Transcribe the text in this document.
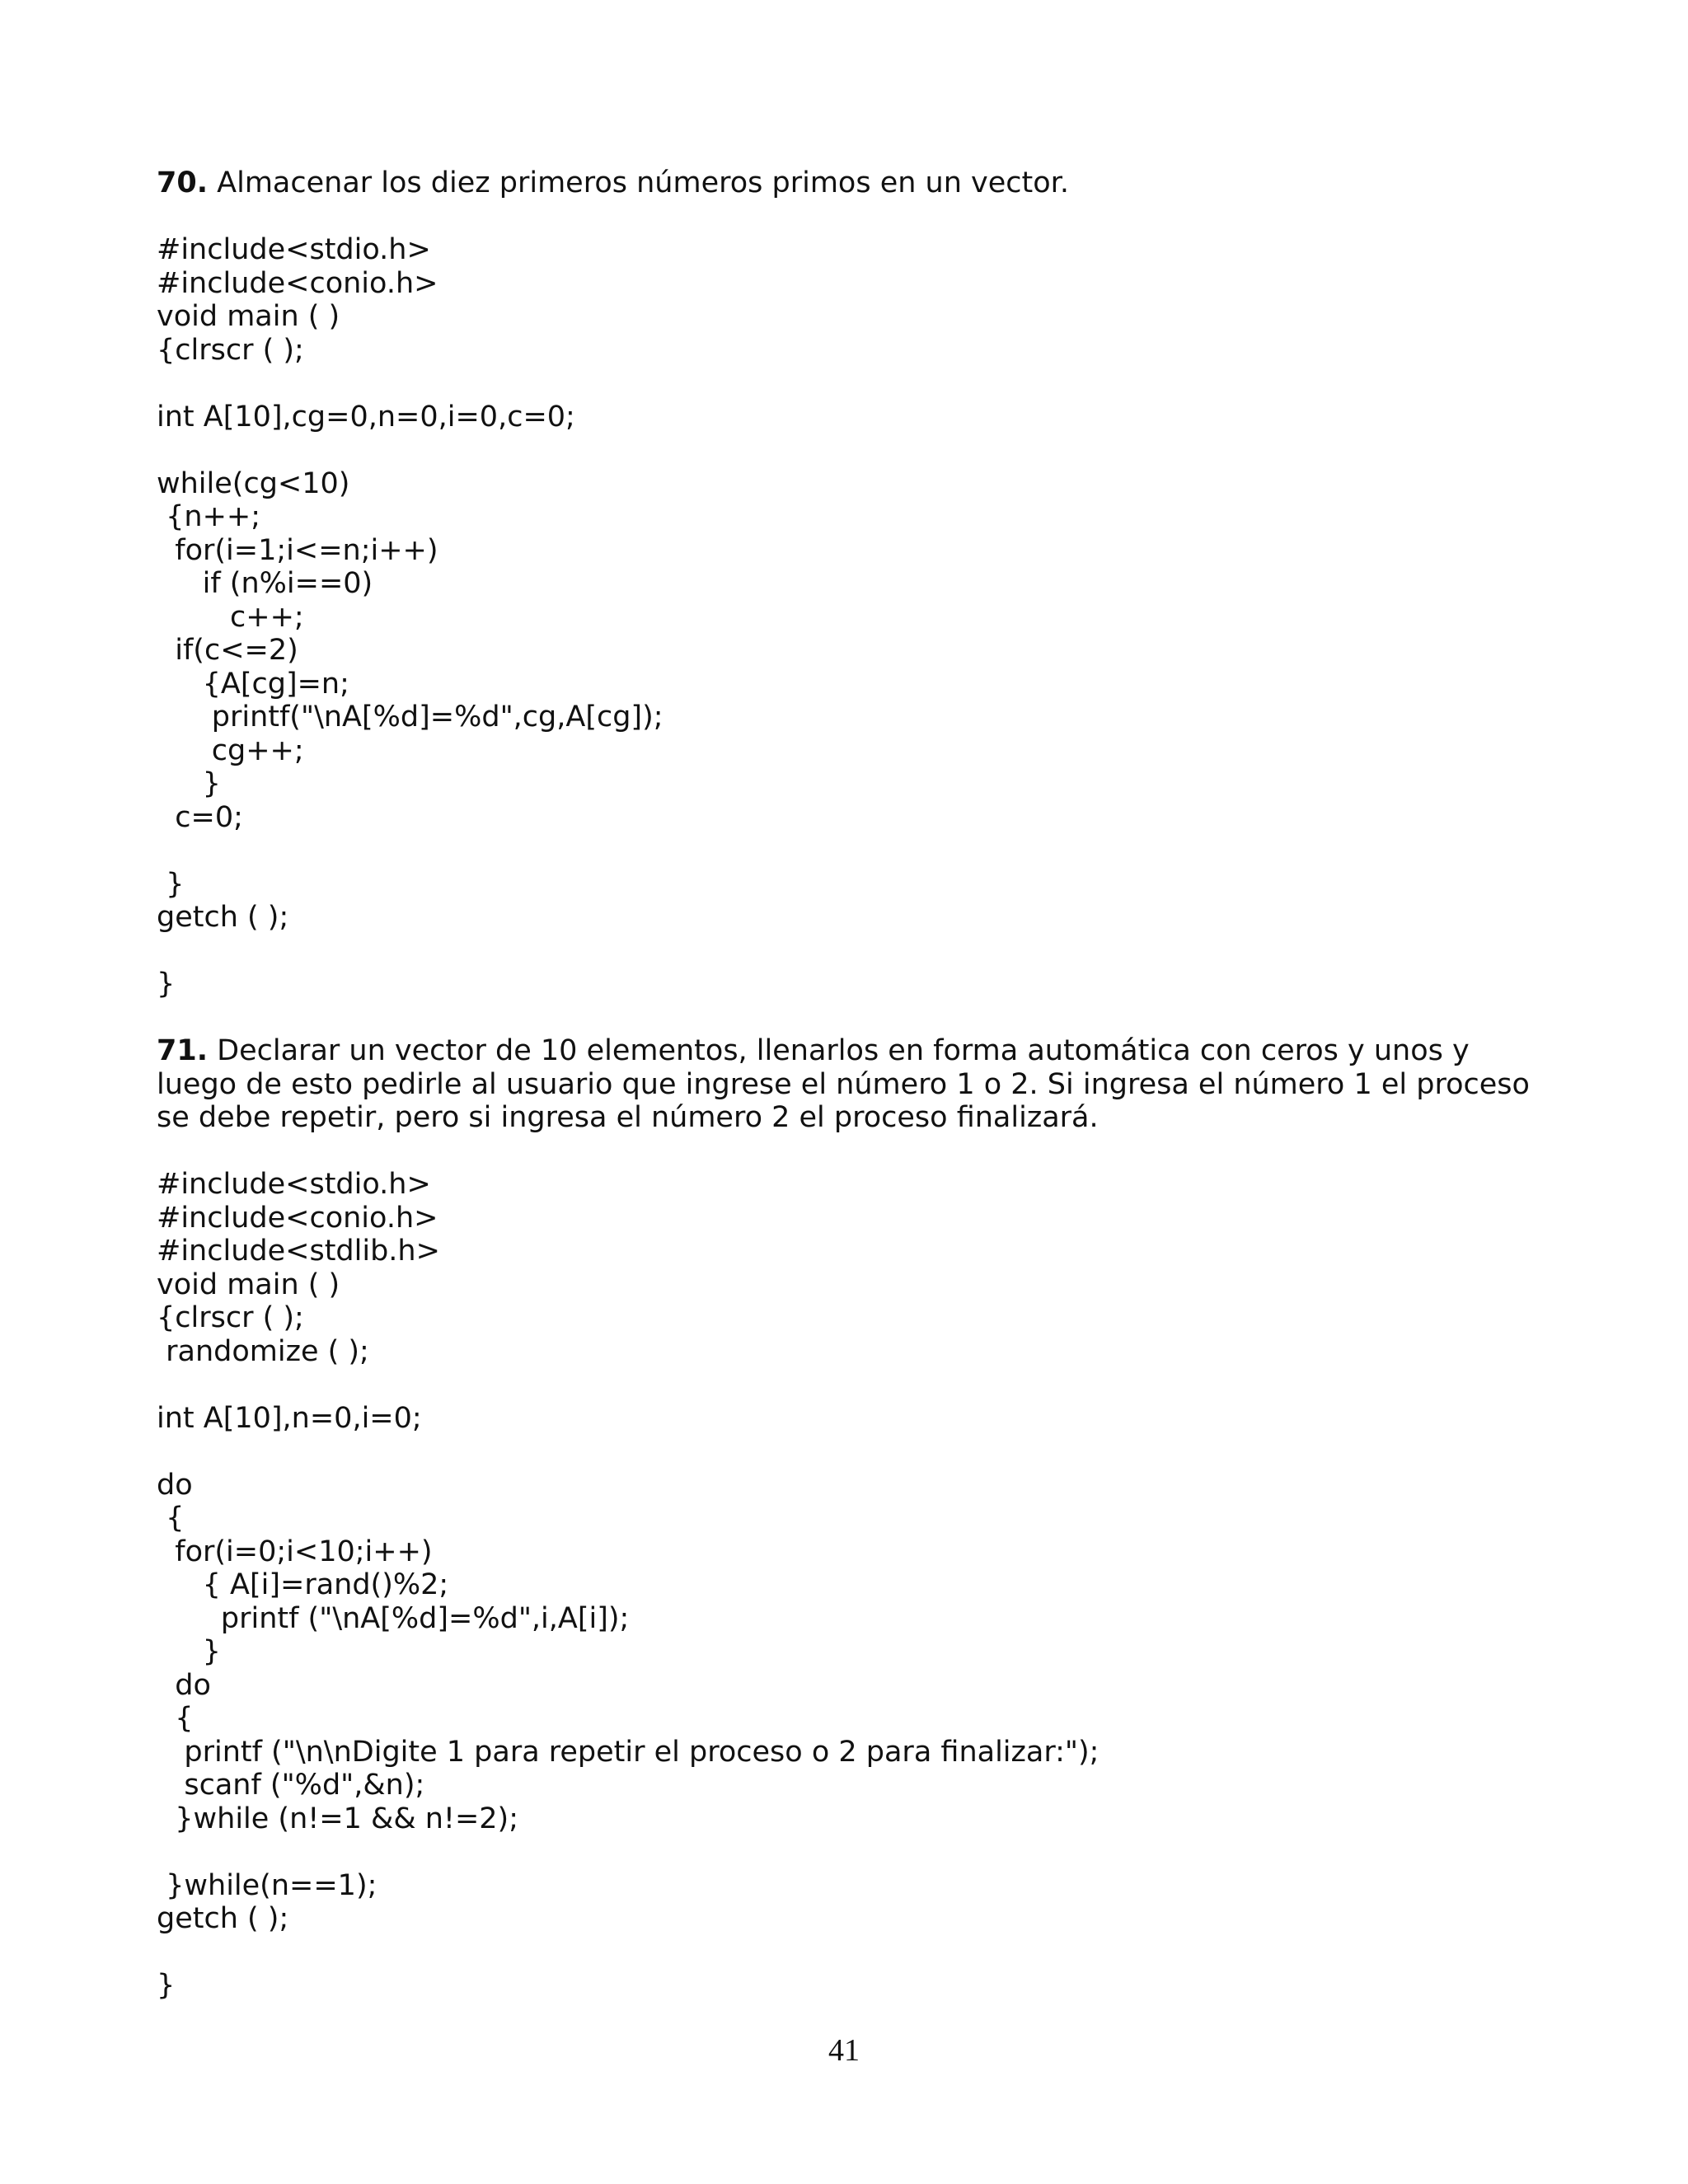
70. Almacenar los diez primeros números primos en un vector.

#include<stdio.h>
#include<conio.h>
void main ( )
{clrscr ( );

int A[10],cg=0,n=0,i=0,c=0;

while(cg<10)
{n++;
for(i=1;i<=n;i++)
if (n%i==0)
c++;
if(c<=2)
{A[cg]=n;
printf("\nA[%d]=%d",cg,A[cg]);
cg++;
}
c=0;

}
getch ( );

}

71. Declarar un vector de 10 elementos, llenarlos en forma automática con ceros y unos y luego de esto pedirle al usuario que ingrese el número 1 o 2. Si ingresa el número 1 el proceso se debe repetir, pero si ingresa el número 2 el proceso finalizará.

#include<stdio.h>
#include<conio.h>
#include<stdlib.h>
void main ( )
{clrscr ( );
randomize ( );

int A[10],n=0,i=0;

do
{
for(i=0;i<10;i++)
{ A[i]=rand()%2;
printf ("\nA[%d]=%d",i,A[i]);
}
do
{
printf ("\n\nDigite 1 para repetir el proceso o 2 para finalizar:");
scanf ("%d",&n);
}while (n!=1 && n!=2);

}while(n==1);
getch ( );

}
41
